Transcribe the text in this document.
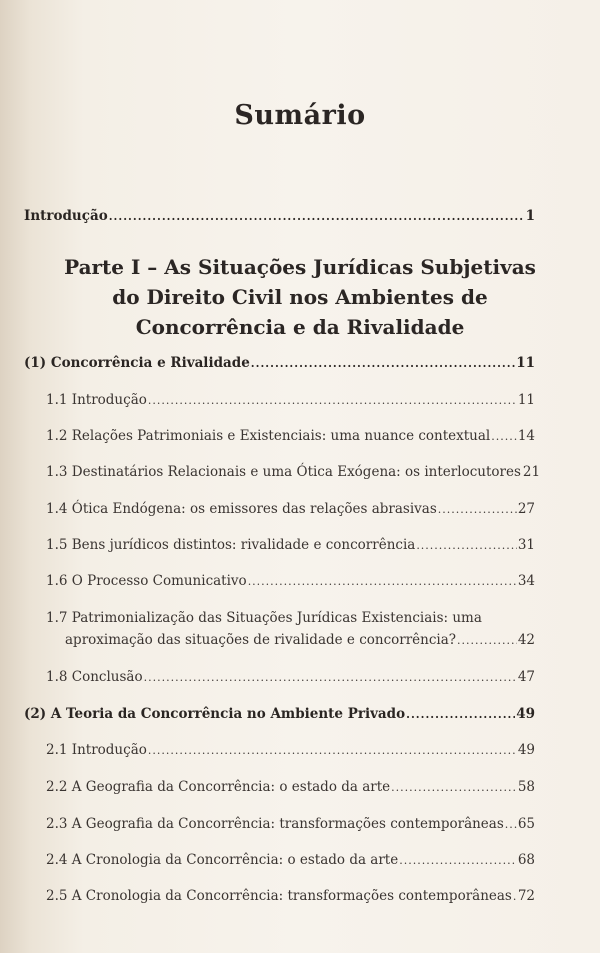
Sumário
Introdução .....	1
Parte I – As Situações Jurídicas Subjetivas
do Direito Civil nos Ambientes de
Concorrência e da Rivalidade
(1) Concorrência e Rivalidade .....	11
1.1 Introdução .....	11
1.2 Relações Patrimoniais e Existenciais: uma nuance contextual ..... 14
1.3 Destinatários Relacionais e uma Ótica Exógena: os interlocutores 21
1.4 Ótica Endógena: os emissores das relações abrasivas .....	27
1.5 Bens jurídicos distintos: rivalidade e concorrência .....	31
1.6 O Processo Comunicativo .....	34
1.7 Patrimonialização das Situações Jurídicas Existenciais: uma
aproximação das situações de rivalidade e concorrência? .....	42
1.8 Conclusão .....	47
(2) A Teoria da Concorrência no Ambiente Privado .....	49
2.1 Introdução .....	49
2.2 A Geografia da Concorrência: o estado da arte .....	58
2.3 A Geografia da Concorrência: transformações contemporâneas ..... 65
2.4 A Cronologia da Concorrência: o estado da arte .....	68
2.5 A Cronologia da Concorrência: transformações contemporâneas ..... 72
